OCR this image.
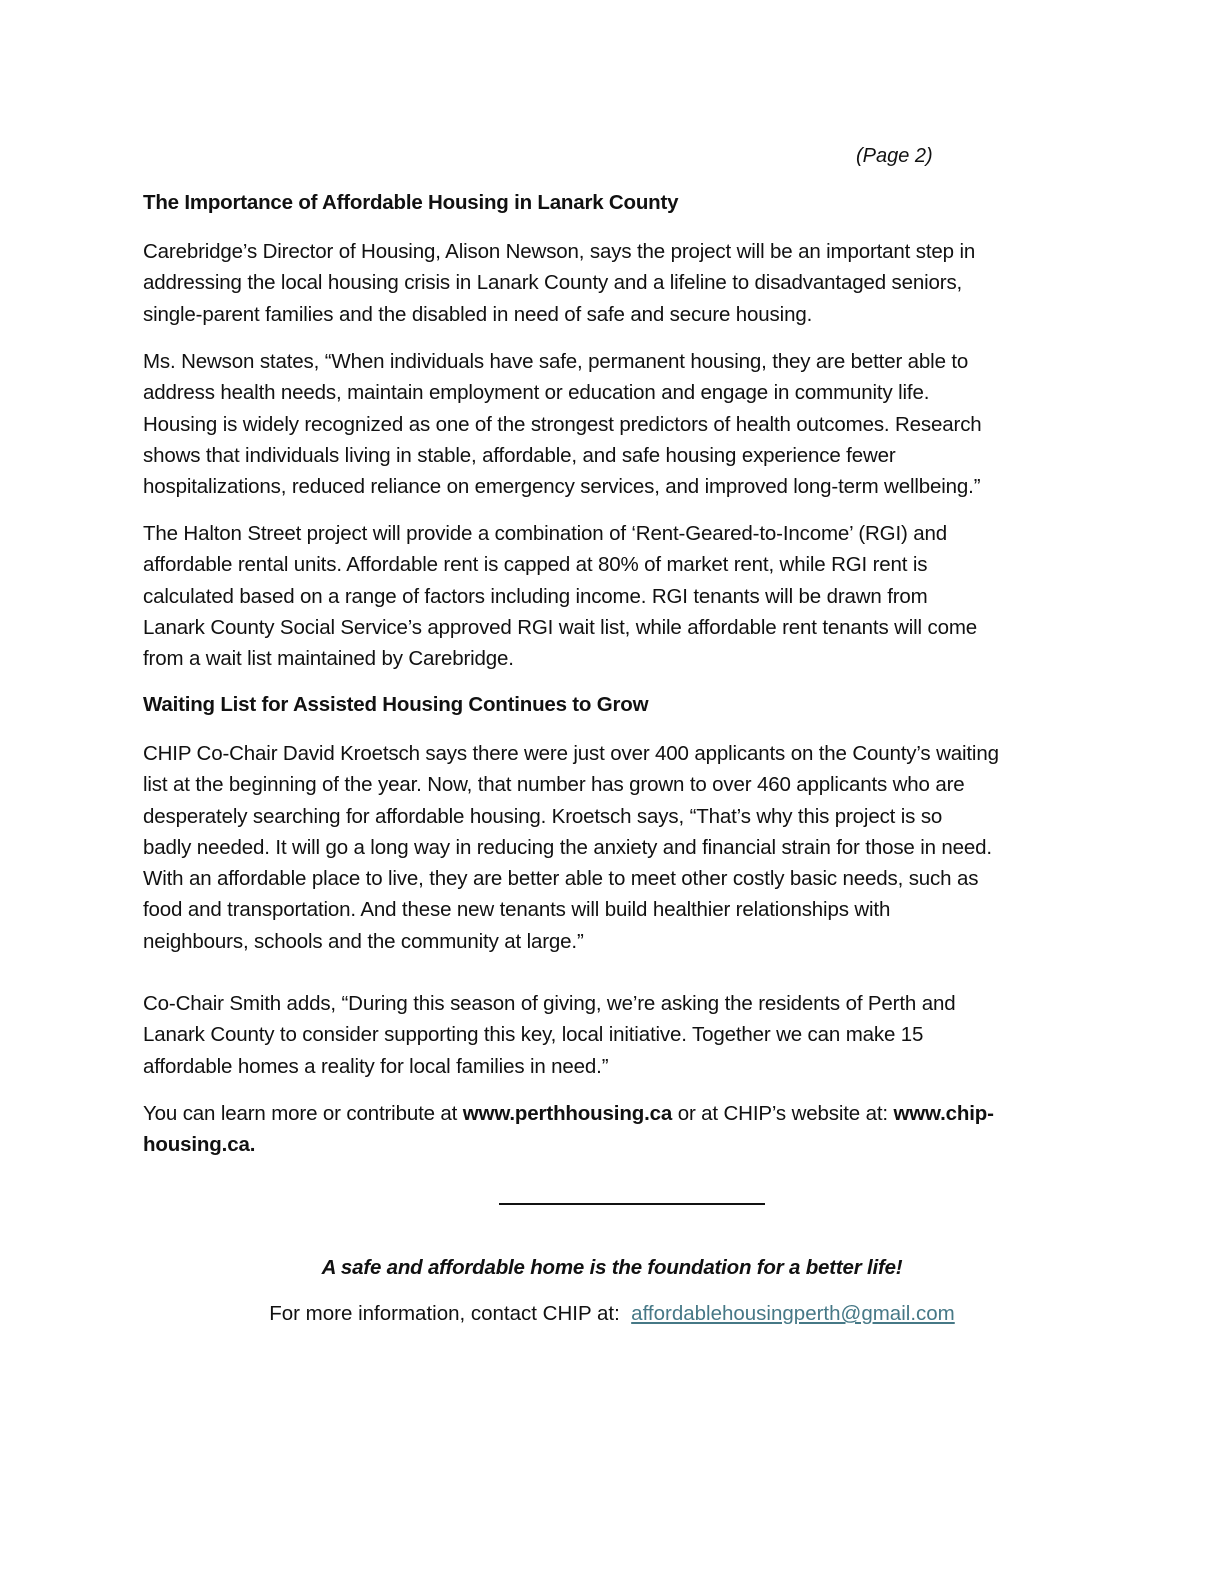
(Page 2)
The Importance of Affordable Housing in Lanark County
Carebridge’s Director of Housing, Alison Newson, says the project will be an important step in
addressing the local housing crisis in Lanark County and a lifeline to disadvantaged seniors,
single-parent families and the disabled in need of safe and secure housing.
Ms. Newson states, “When individuals have safe, permanent housing, they are better able to
address health needs, maintain employment or education and engage in community life.
Housing is widely recognized as one of the strongest predictors of health outcomes. Research
shows that individuals living in stable, affordable, and safe housing experience fewer
hospitalizations, reduced reliance on emergency services, and improved long-term wellbeing.”
The Halton Street project will provide a combination of ‘Rent-Geared-to-Income’ (RGI) and
affordable rental units. Affordable rent is capped at 80% of market rent, while RGI rent is
calculated based on a range of factors including income. RGI tenants will be drawn from
Lanark County Social Service’s approved RGI wait list, while affordable rent tenants will come
from a wait list maintained by Carebridge.
Waiting List for Assisted Housing Continues to Grow
CHIP Co-Chair David Kroetsch says there were just over 400 applicants on the County’s waiting
list at the beginning of the year. Now, that number has grown to over 460 applicants who are
desperately searching for affordable housing. Kroetsch says, “That’s why this project is so
badly needed. It will go a long way in reducing the anxiety and financial strain for those in need.
With an affordable place to live, they are better able to meet other costly basic needs, such as
food and transportation. And these new tenants will build healthier relationships with
neighbours, schools and the community at large.”
Co-Chair Smith adds, “During this season of giving, we’re asking the residents of Perth and
Lanark County to consider supporting this key, local initiative. Together we can make 15
affordable homes a reality for local families in need.”
You can learn more or contribute at www.perthhousing.ca or at CHIP’s website at: www.chip-
housing.ca.
A safe and affordable home is the foundation for a better life!
For more information, contact CHIP at:  affordablehousingperth@gmail.com
